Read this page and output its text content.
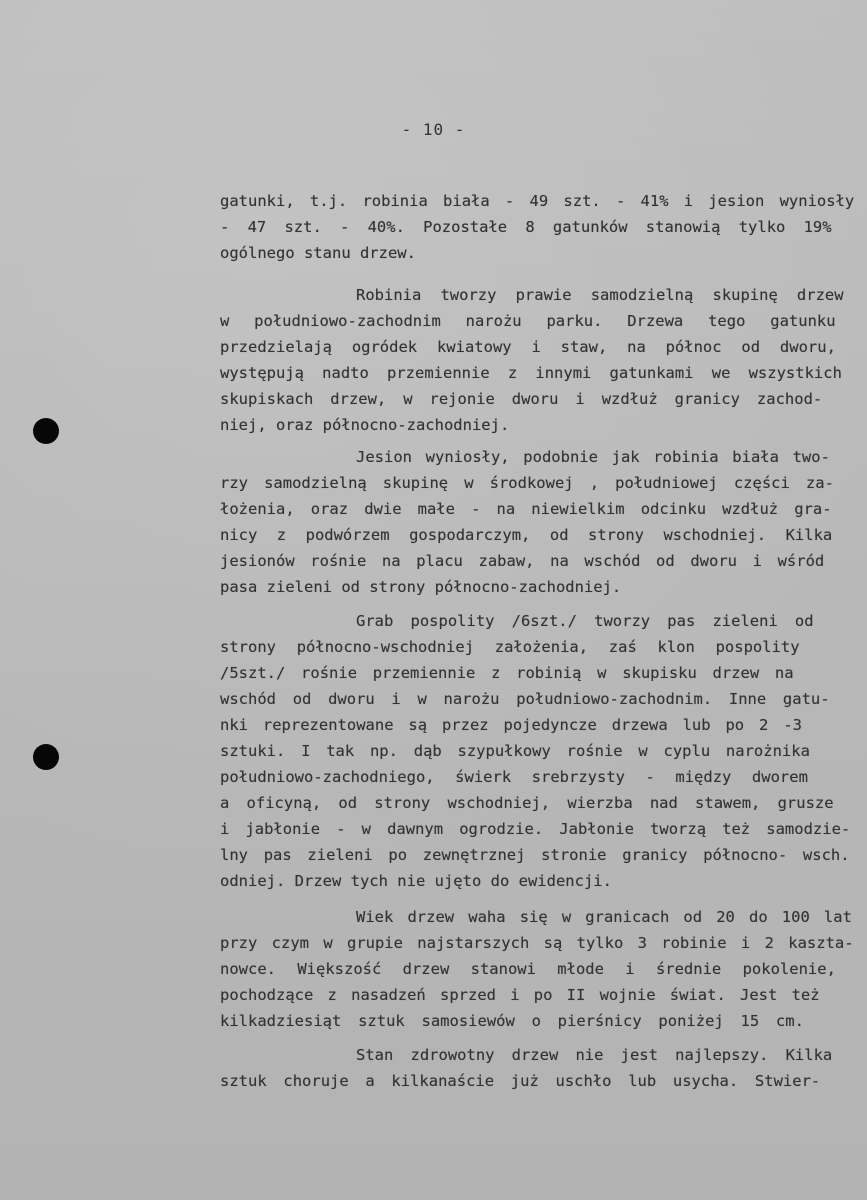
- 10 -
gatunki, t.j. robinia biała - 49 szt. - 41% i jesion wyniosły
- 47 szt. - 40%. Pozostałe 8 gatunków stanowią tylko 19%
ogólnego stanu drzew.
Robinia tworzy prawie samodzielną skupinę drzew
w południowo-zachodnim narożu parku. Drzewa tego gatunku
przedzielają ogródek kwiatowy i staw, na północ od dworu,
występują nadto przemiennie z innymi gatunkami we wszystkich
skupiskach drzew, w rejonie dworu i wzdłuż granicy zachod-
niej, oraz północno-zachodniej.
Jesion wyniosły, podobnie jak robinia biała two-
rzy samodzielną skupinę w środkowej , południowej części za-
łożenia, oraz dwie małe - na niewielkim odcinku wzdłuż gra-
nicy z podwórzem gospodarczym, od strony wschodniej. Kilka
jesionów rośnie na placu zabaw, na wschód od dworu i wśród
pasa zieleni od strony północno-zachodniej.
Grab pospolity /6szt./ tworzy pas zieleni od
strony północno-wschodniej założenia, zaś klon pospolity
/5szt./ rośnie przemiennie z robinią w skupisku drzew na
wschód od dworu i w narożu południowo-zachodnim. Inne gatu-
nki reprezentowane są przez pojedyncze drzewa lub po 2 -3
sztuki. I tak np. dąb szypułkowy rośnie w cyplu narożnika
południowo-zachodniego, świerk srebrzysty - między dworem
a oficyną, od strony wschodniej, wierzba nad stawem, grusze
i jabłonie - w dawnym ogrodzie. Jabłonie tworzą też samodzie-
lny pas zieleni po zewnętrznej stronie granicy północno- wsch.
odniej. Drzew tych nie ujęto do ewidencji.
Wiek drzew waha się w granicach od 20 do 100 lat
przy czym w grupie najstarszych są tylko 3 robinie i 2 kaszta-
nowce. Większość drzew stanowi młode i średnie pokolenie,
pochodzące z nasadzeń sprzed i po II wojnie świat. Jest też
kilkadziesiąt sztuk samosiewów o pierśnicy poniżej 15 cm.
Stan zdrowotny drzew nie jest najlepszy. Kilka
sztuk choruje a kilkanaście już uschło lub usycha. Stwier-
